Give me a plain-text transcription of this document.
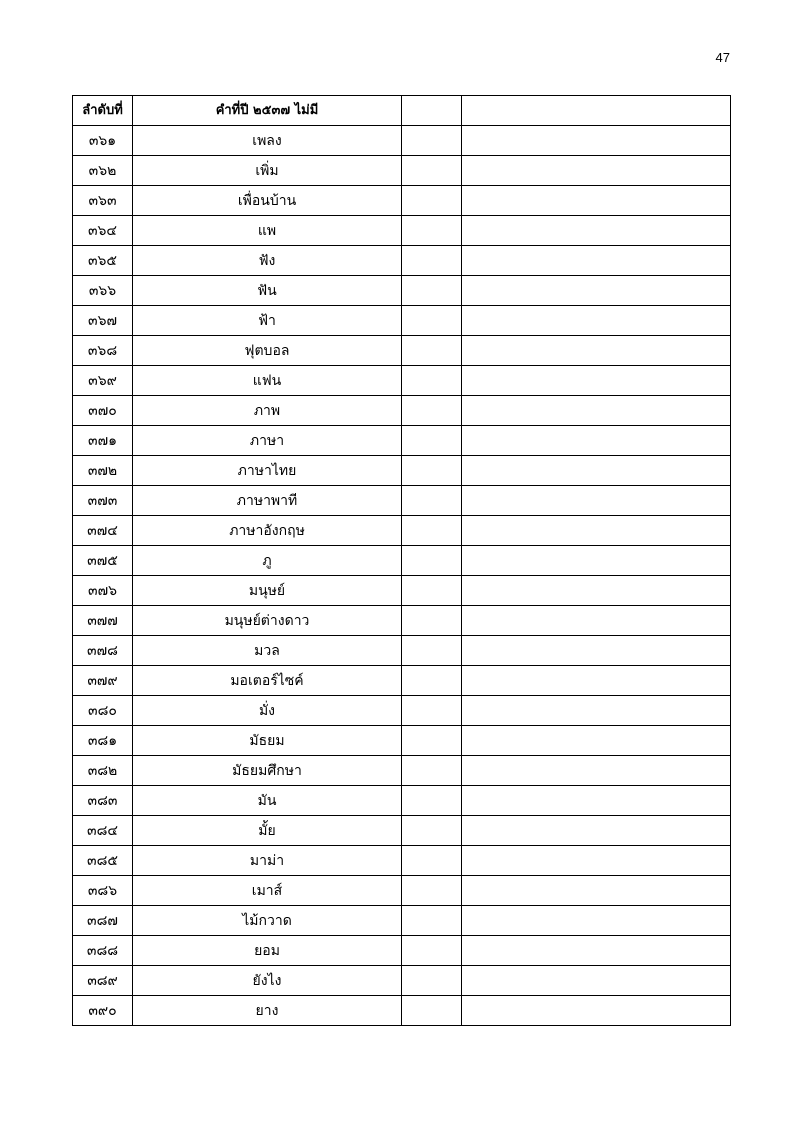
47
ลำดับที่	คำที่ปี ๒๕๓๗ ไม่มี		
๓๖๑	เพลง		
๓๖๒	เพิ่ม		
๓๖๓	เพื่อนบ้าน		
๓๖๔	แพ		
๓๖๕	ฟัง		
๓๖๖	ฟัน		
๓๖๗	ฟ้า		
๓๖๘	ฟุตบอล		
๓๖๙	แฟน		
๓๗๐	ภาพ		
๓๗๑	ภาษา		
๓๗๒	ภาษาไทย		
๓๗๓	ภาษาพาที		
๓๗๔	ภาษาอังกฤษ		
๓๗๕	ภู		
๓๗๖	มนุษย์		
๓๗๗	มนุษย์ต่างดาว		
๓๗๘	มวล		
๓๗๙	มอเตอร์ไซค์		
๓๘๐	มั่ง		
๓๘๑	มัธยม		
๓๘๒	มัธยมศึกษา		
๓๘๓	มัน		
๓๘๔	มั้ย		
๓๘๕	มาม่า		
๓๘๖	เมาส์		
๓๘๗	ไม้กวาด		
๓๘๘	ยอม		
๓๘๙	ยังไง		
๓๙๐	ยาง		
